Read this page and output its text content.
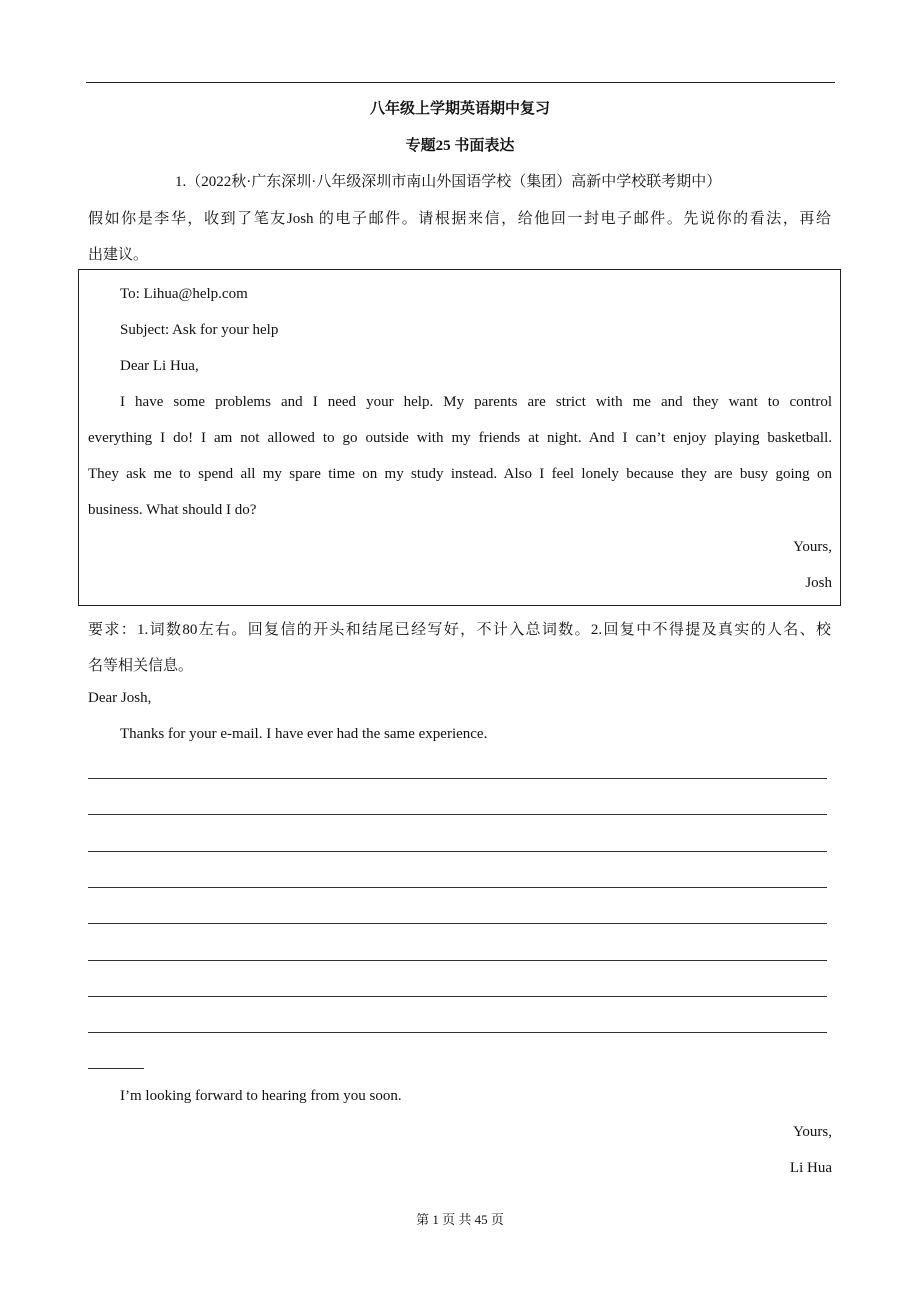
八年级上学期英语期中复习
专题25 书面表达
1.（2022秋·广东深圳·八年级深圳市南山外国语学校（集团）高新中学校联考期中）
假如你是李华，收到了笔友Josh 的电子邮件。请根据来信，给他回一封电子邮件。先说你的看法，再给
出建议。
To: Lihua@help.com
Subject: Ask for your help
Dear Li Hua,
I have some problems and I need your help. My parents are strict with me and they want to control
everything I do! I am not allowed to go outside with my friends at night. And I can’t enjoy playing basketball.
They ask me to spend all my spare time on my study instead. Also I feel lonely because they are busy going on
business. What should I do?
Yours,
Josh
要求：1.词数80左右。回复信的开头和结尾已经写好，不计入总词数。2.回复中不得提及真实的人名、校
名等相关信息。
Dear Josh,
Thanks for your e-mail. I have ever had the same experience.
I’m looking forward to hearing from you soon.
Yours,
Li Hua
第 1 页 共 45 页
